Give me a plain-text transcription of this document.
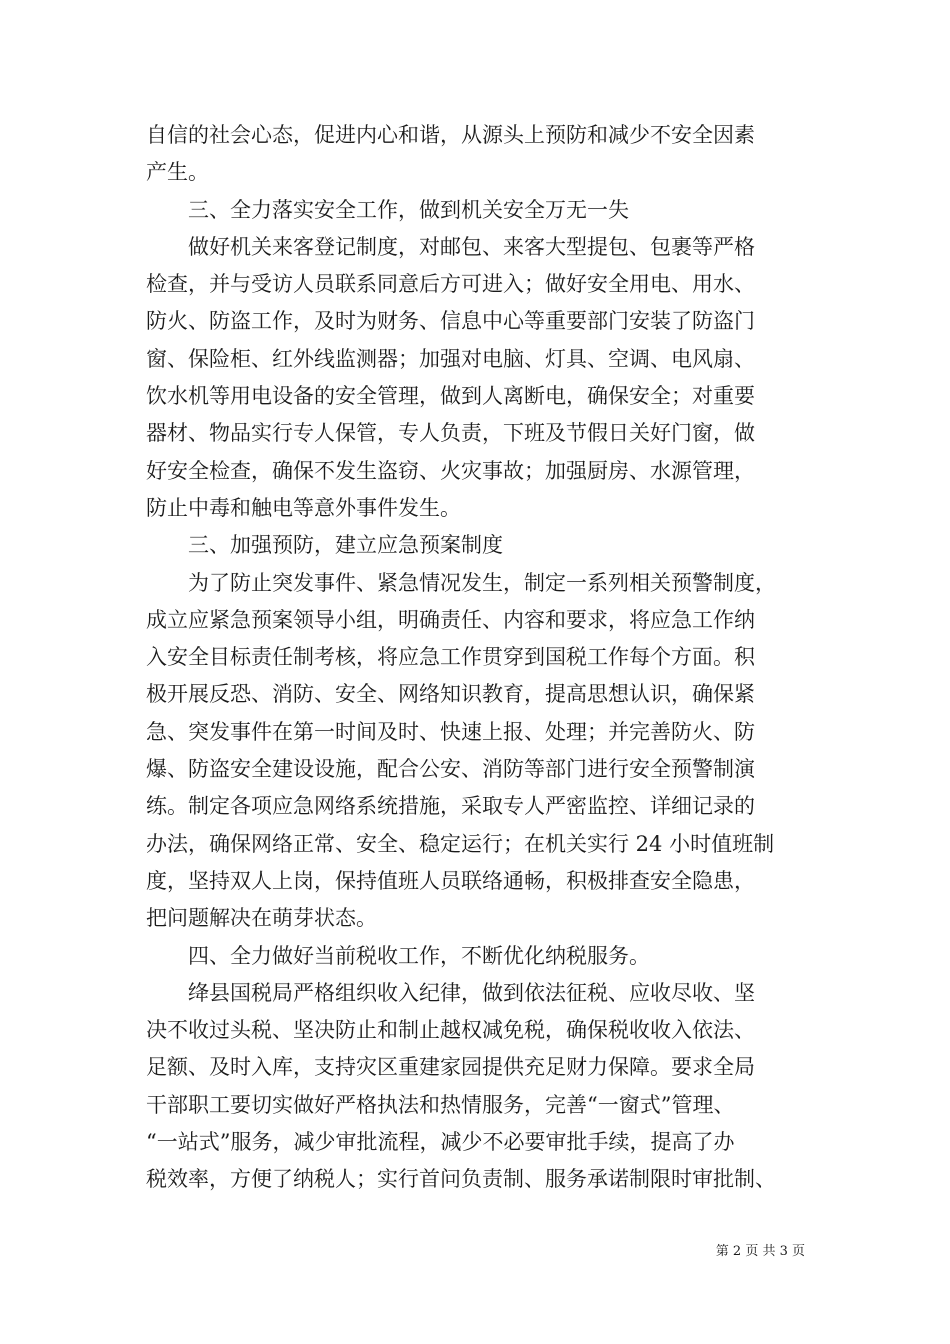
自信的社会心态，促进内心和谐，从源头上预防和减少不安全因素
产生。
三、全力落实安全工作，做到机关安全万无一失
做好机关来客登记制度，对邮包、来客大型提包、包裹等严格
检查，并与受访人员联系同意后方可进入；做好安全用电、用水、
防火、防盗工作，及时为财务、信息中心等重要部门安装了防盗门
窗、保险柜、红外线监测器；加强对电脑、灯具、空调、电风扇、
饮水机等用电设备的安全管理，做到人离断电，确保安全；对重要
器材、物品实行专人保管，专人负责，下班及节假日关好门窗，做
好安全检查，确保不发生盗窃、火灾事故；加强厨房、水源管理，
防止中毒和触电等意外事件发生。
三、加强预防，建立应急预案制度
为了防止突发事件、紧急情况发生，制定一系列相关预警制度，
成立应紧急预案领导小组，明确责任、内容和要求，将应急工作纳
入安全目标责任制考核，将应急工作贯穿到国税工作每个方面。积
极开展反恐、消防、安全、网络知识教育，提高思想认识，确保紧
急、突发事件在第一时间及时、快速上报、处理；并完善防火、防
爆、防盗安全建设设施，配合公安、消防等部门进行安全预警制演
练。制定各项应急网络系统措施，采取专人严密监控、详细记录的
办法，确保网络正常、安全、稳定运行；在机关实行 24 小时值班制
度，坚持双人上岗，保持值班人员联络通畅，积极排查安全隐患，
把问题解决在萌芽状态。
四、全力做好当前税收工作，不断优化纳税服务。
绛县国税局严格组织收入纪律，做到依法征税、应收尽收、坚
决不收过头税、坚决防止和制止越权减免税，确保税收收入依法、
足额、及时入库，支持灾区重建家园提供充足财力保障。要求全局
干部职工要切实做好严格执法和热情服务，完善“一窗式”管理、
“一站式”服务，减少审批流程，减少不必要审批手续，提高了办
税效率，方便了纳税人；实行首问负责制、服务承诺制限时审批制、
第 2 页 共 3 页
